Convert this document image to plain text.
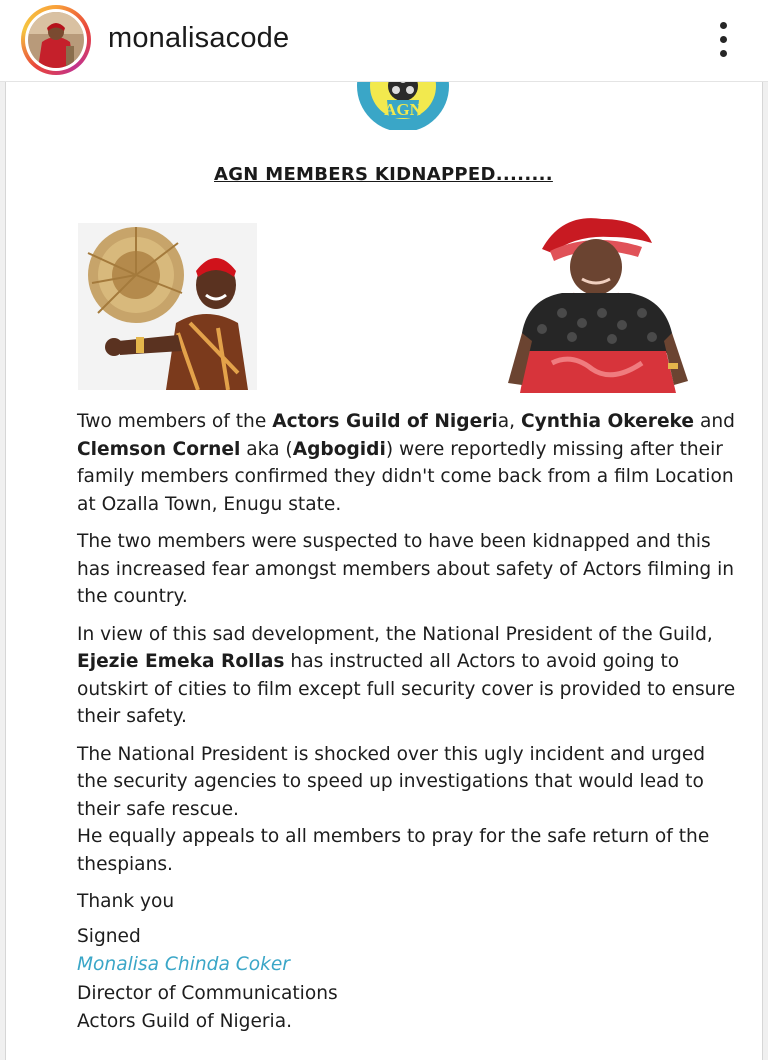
monalisacode
AGN
AGN MEMBERS KIDNAPPED........

Two members of the Actors Guild of Nigeria, Cynthia Okereke and
Clemson Cornel aka (Agbogidi) were reportedly missing after their family members confirmed they didn't come back from a film Location at Ozalla Town, Enugu state.

The two members were suspected to have been kidnapped and this has increased fear amongst members about safety of Actors filming in the country.

In view of this sad development, the National President of the Guild,
Ejezie Emeka Rollas has instructed all Actors to avoid going to outskirt of cities to film except full security cover is provided to ensure their safety.

The National President is shocked over this ugly incident and urged the security agencies to speed up investigations that would lead to their safe rescue.

He equally appeals to all members to pray for the safe return of the thespians.

Thank you
Signed
Monalisa Chinda Coker
Director of Communications
Actors Guild of Nigeria.
